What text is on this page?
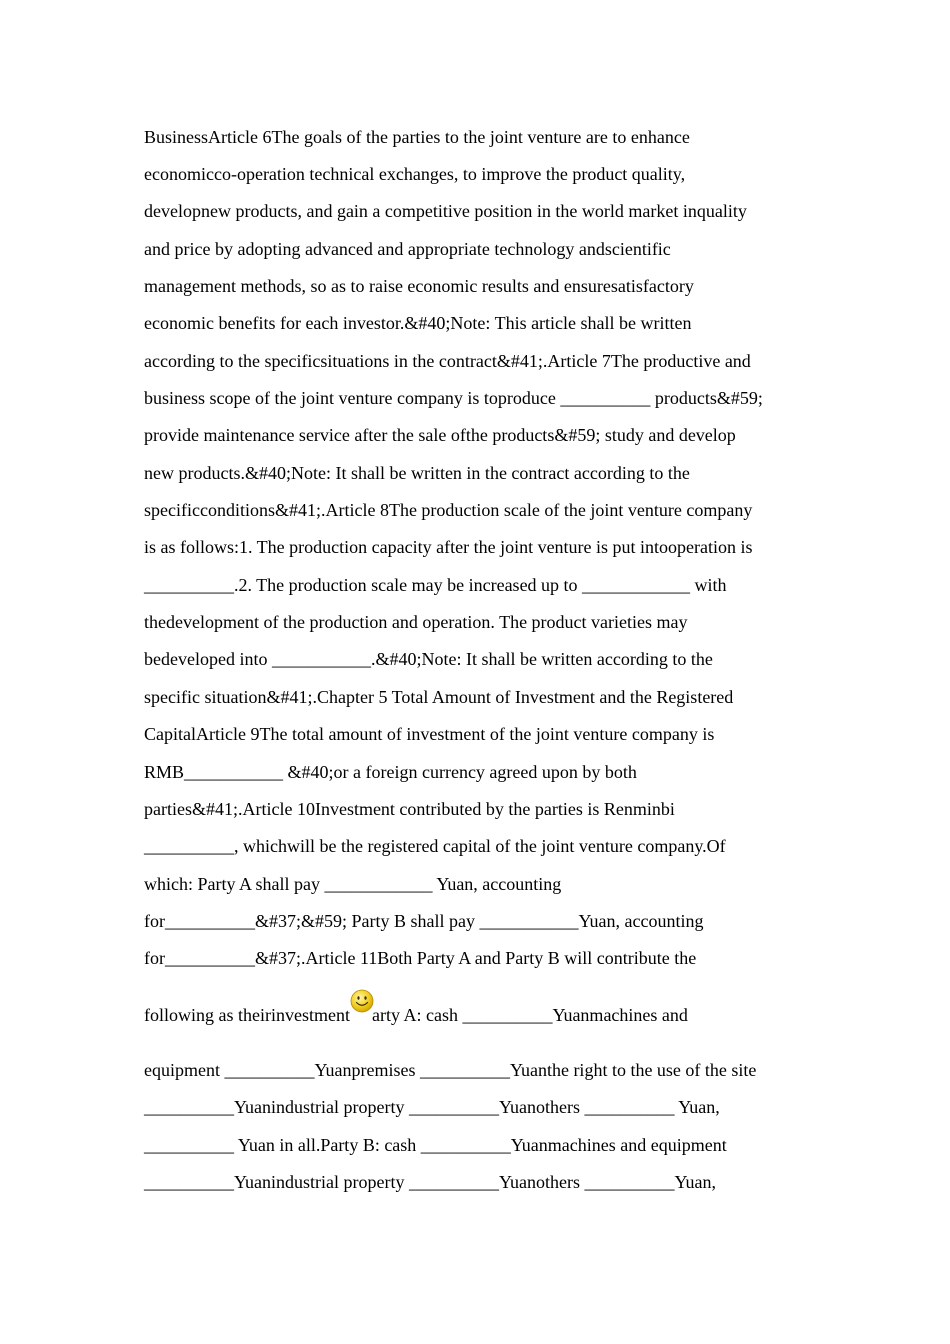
BusinessArticle 6The goals of the parties to the joint venture are to enhance

economicco-operation technical exchanges, to improve the product quality,

developnew products, and gain a competitive position in the world market inquality

and price by adopting advanced and appropriate technology andscientific

management methods, so as to raise economic results and ensuresatisfactory

economic benefits for each investor.&#40;Note: This article shall be written

according to the specificsituations in the contract&#41;.Article 7The productive and

business scope of the joint venture company is toproduce __________ products&#59;

provide maintenance service after the sale ofthe products&#59; study and develop

new products.&#40;Note: It shall be written in the contract according to the

specificconditions&#41;.Article 8The production scale of the joint venture company

is as follows:1. The production capacity after the joint venture is put intooperation is

__________.2. The production scale may be increased up to ____________ with

thedevelopment of the production and operation. The product varieties may

bedeveloped into ___________.&#40;Note: It shall be written according to the

specific situation&#41;.Chapter 5 Total Amount of Investment and the Registered

CapitalArticle 9The total amount of investment of the joint venture company is

RMB___________ &#40;or a foreign currency agreed upon by both

parties&#41;.Article 10Investment contributed by the parties is Renminbi

__________, whichwill be the registered capital of the joint venture company.Of

which: Party A shall pay ____________ Yuan, accounting

for__________&#37;&#59; Party B shall pay ___________Yuan, accounting

for__________&#37;.Article 11Both Party A and Party B will contribute the

following as theirinvestment arty A: cash __________Yuanmachines and

equipment __________Yuanpremises __________Yuanthe right to the use of the site

__________Yuanindustrial property __________Yuanothers __________ Yuan,

__________ Yuan in all.Party B: cash __________Yuanmachines and equipment

__________Yuanindustrial property __________Yuanothers __________Yuan,
